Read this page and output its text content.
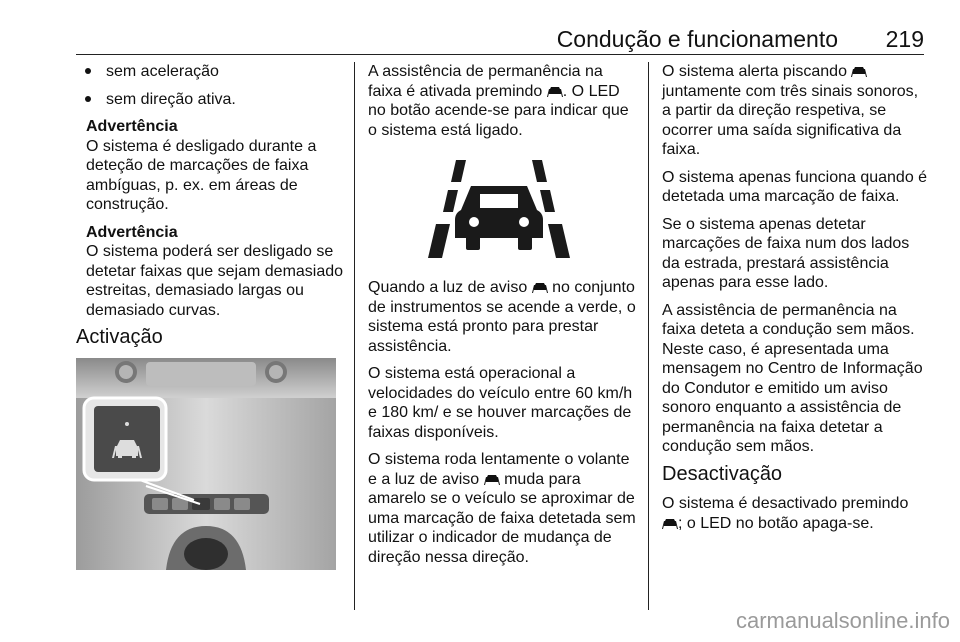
Condução e funcionamento 219
sem aceleração
sem direção ativa.
Advertência
O sistema é desligado durante a deteção de marcações de faixa ambíguas, p. ex. em áreas de construção.
Advertência
O sistema poderá ser desligado se detetar faixas que sejam demasiado estreitas, demasiado largas ou demasiado curvas.
Activação

A assistência de permanência na faixa é ativada premindo . O LED no botão acende-se para indicar que o sistema está ligado.

Quando a luz de aviso no conjunto de instrumentos se acende a verde, o sistema está pronto para prestar assistência.

O sistema está operacional a velocidades do veículo entre 60 km/h e 180 km/ e se houver marcações de faixas disponíveis.

O sistema roda lentamente o volante e a luz de aviso muda para amarelo se o veículo se aproximar de uma marcação de faixa detetada sem utilizar o indicador de mudança de direção nessa direção.

O sistema alerta piscando  juntamente com três sinais sonoros, a partir da direção respetiva, se ocorrer uma saída significativa da faixa.

O sistema apenas funciona quando é detetada uma marcação de faixa.

Se o sistema apenas detetar marcações de faixa num dos lados da estrada, prestará assistência apenas para esse lado.

A assistência de permanência na faixa deteta a condução sem mãos. Neste caso, é apresentada uma mensagem no Centro de Informação do Condutor e emitido um aviso sonoro enquanto a assistência de permanência na faixa detetar a condução sem mãos.

Desactivação

O sistema é desactivado premindo ; o LED no botão apaga-se.

carmanualsonline.info
